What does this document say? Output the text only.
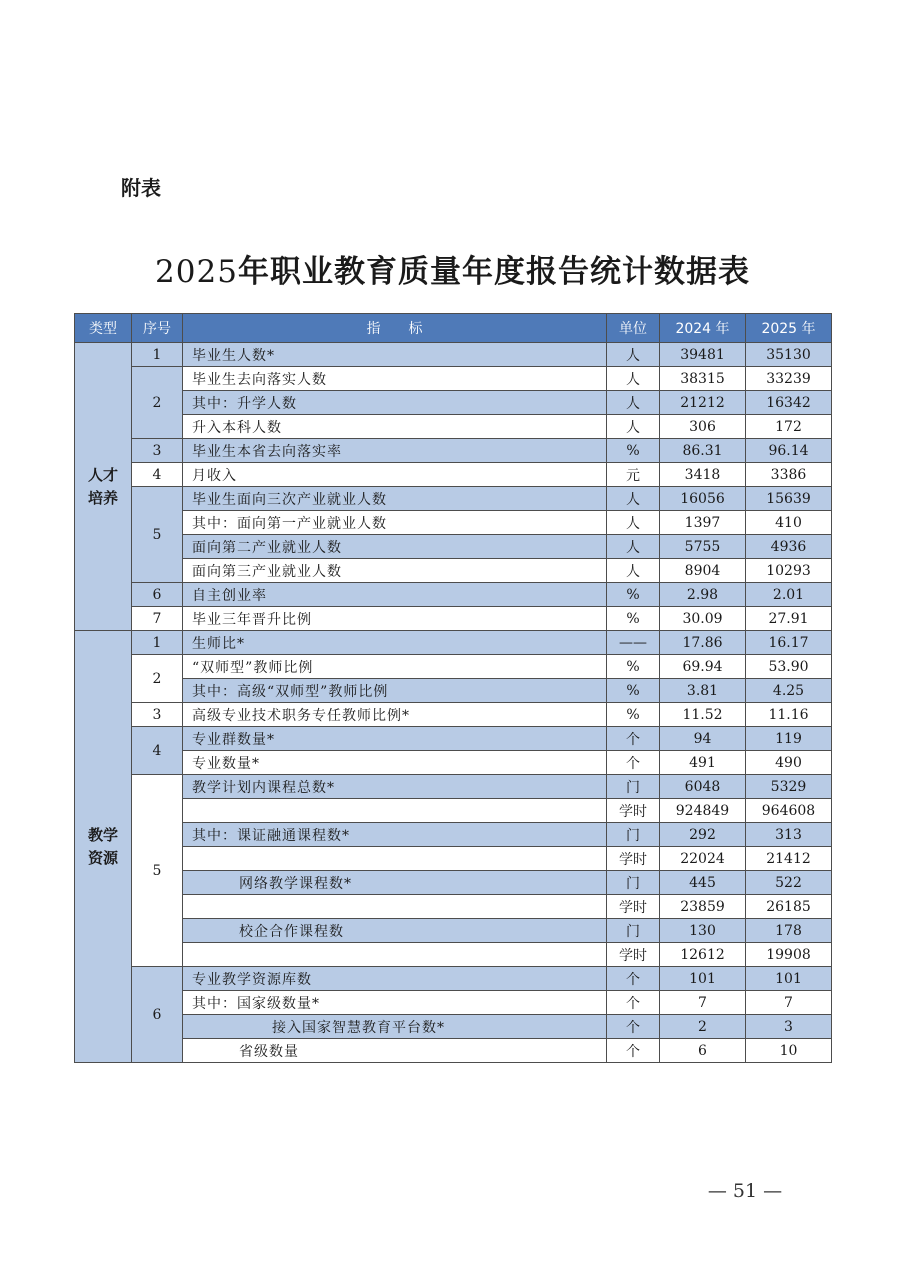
附表
2025年职业教育质量年度报告统计数据表
类型	序号	指　　标	单位	2024 年	2025 年
人才
培养	1	毕业生人数*	人	39481	35130
	2	毕业生去向落实人数	人	38315	33239
		其中：升学人数	人	21212	16342
		升入本科人数	人	306	172
	3	毕业生本省去向落实率	%	86.31	96.14
	4	月收入	元	3418	3386
	5	毕业生面向三次产业就业人数	人	16056	15639
		其中：面向第一产业就业人数	人	1397	410
		面向第二产业就业人数	人	5755	4936
		面向第三产业就业人数	人	8904	10293
	6	自主创业率	%	2.98	2.01
	7	毕业三年晋升比例	%	30.09	27.91
教学
资源	1	生师比*	——	17.86	16.17
	2	“双师型”教师比例	%	69.94	53.90
		其中：高级“双师型”教师比例	%	3.81	4.25
	3	高级专业技术职务专任教师比例*	%	11.52	11.16
	4	专业群数量*	个	94	119
		专业数量*	个	491	490
	5	教学计划内课程总数*	门	6048	5329
			学时	924849	964608
		其中：课证融通课程数*	门	292	313
			学时	22024	21412
		网络教学课程数*	门	445	522
			学时	23859	26185
		校企合作课程数	门	130	178
			学时	12612	19908
	6	专业教学资源库数	个	101	101
		其中：国家级数量*	个	7	7
		接入国家智慧教育平台数*	个	2	3
		省级数量	个	6	10
— 51 —
